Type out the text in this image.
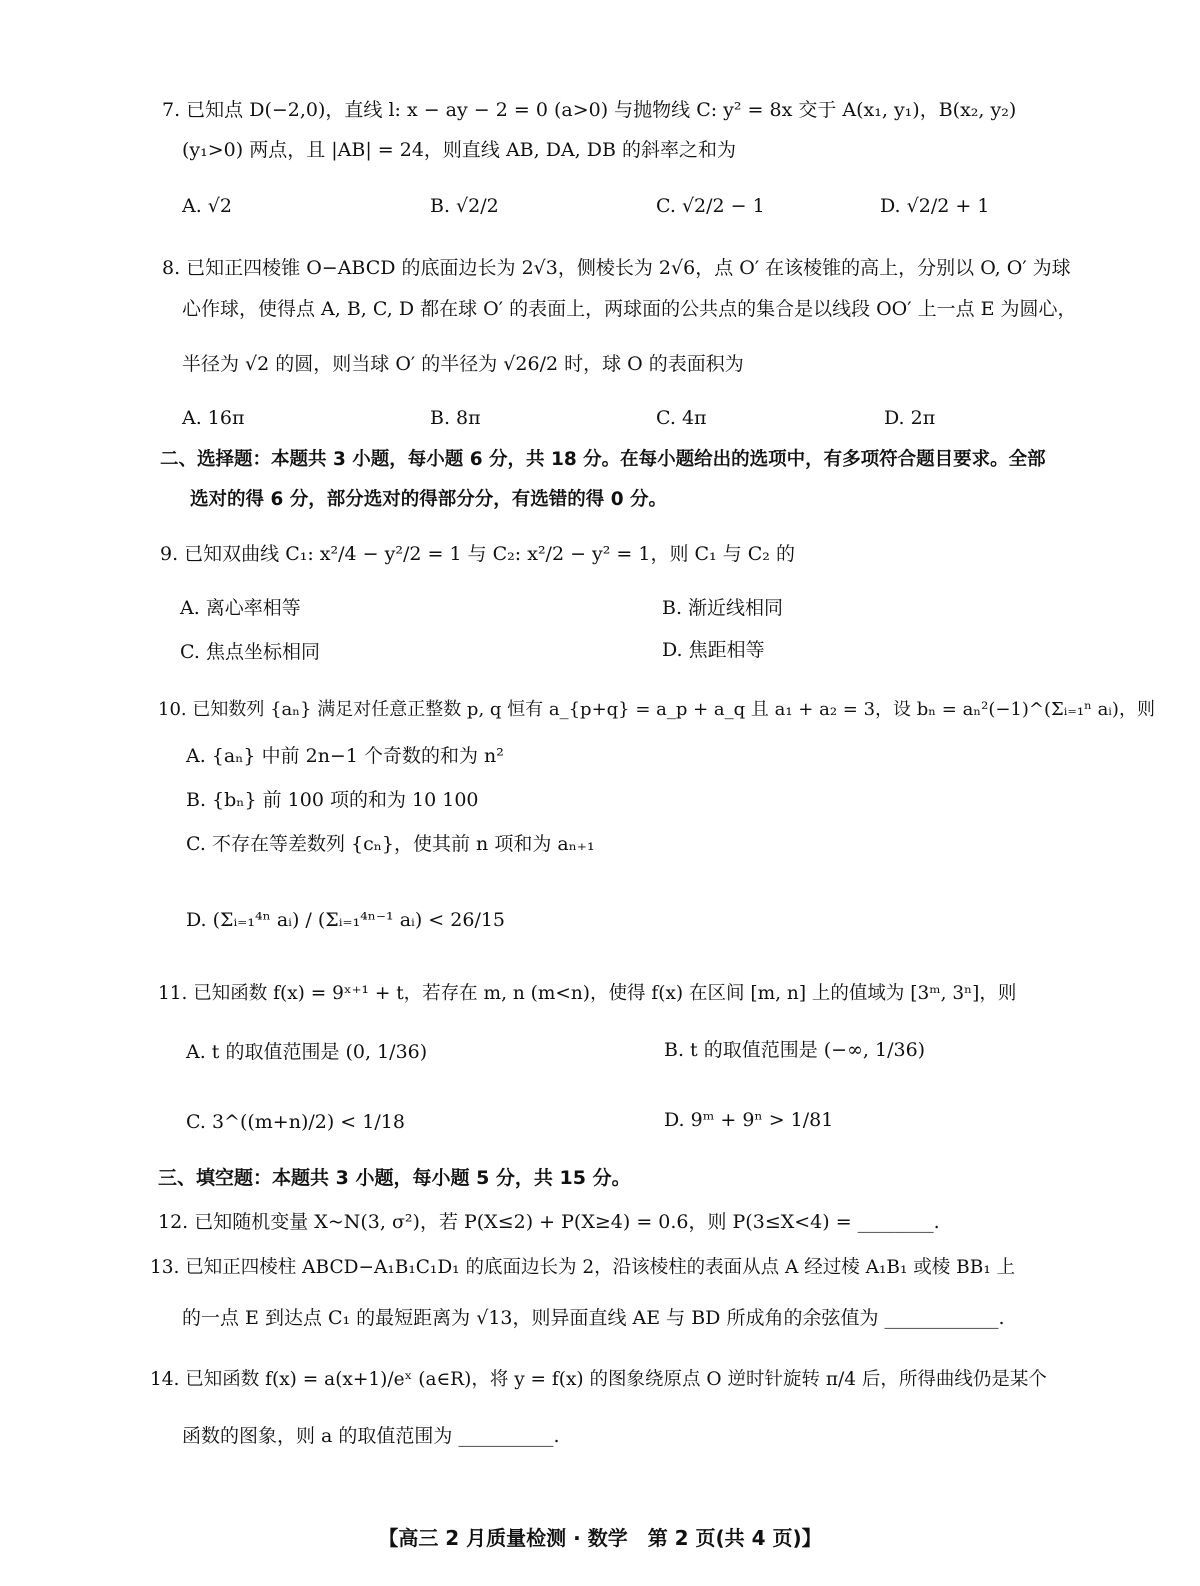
7. 已知点 D(−2,0)，直线 l: x − ay − 2 = 0 (a>0) 与抛物线 C: y² = 8x 交于 A(x₁, y₁)，B(x₂, y₂)
(y₁>0) 两点，且 |AB| = 24，则直线 AB, DA, DB 的斜率之和为
A. √2	B. √2/2	C. √2/2 − 1	D. √2/2 + 1
8. 已知正四棱锥 O−ABCD 的底面边长为 2√3，侧棱长为 2√6，点 O′ 在该棱锥的高上，分别以 O, O′ 为球
心作球，使得点 A, B, C, D 都在球 O′ 的表面上，两球面的公共点的集合是以线段 OO′ 上一点 E 为圆心，
半径为 √2 的圆，则当球 O′ 的半径为 √26/2 时，球 O 的表面积为
A. 16π	B. 8π	C. 4π	D. 2π
二、选择题：本题共 3 小题，每小题 6 分，共 18 分。在每小题给出的选项中，有多项符合题目要求。全部
选对的得 6 分，部分选对的得部分分，有选错的得 0 分。
9. 已知双曲线 C₁: x²/4 − y²/2 = 1 与 C₂: x²/2 − y² = 1，则 C₁ 与 C₂ 的
A. 离心率相等	B. 渐近线相同
C. 焦点坐标相同	D. 焦距相等
10. 已知数列 {aₙ} 满足对任意正整数 p, q 恒有 a_{p+q} = a_p + a_q 且 a₁ + a₂ = 3，设 bₙ = aₙ²(−1)^(Σᵢ₌₁ⁿ aᵢ)，则
A. {aₙ} 中前 2n−1 个奇数的和为 n²
B. {bₙ} 前 100 项的和为 10 100
C. 不存在等差数列 {cₙ}，使其前 n 项和为 aₙ₊₁
D. (Σᵢ₌₁⁴ⁿ aᵢ) / (Σᵢ₌₁⁴ⁿ⁻¹ aᵢ) < 26/15
11. 已知函数 f(x) = 9ˣ⁺¹ + t，若存在 m, n (m<n)，使得 f(x) 在区间 [m, n] 上的值域为 [3ᵐ, 3ⁿ]，则
A. t 的取值范围是 (0, 1/36)	B. t 的取值范围是 (−∞, 1/36)
C. 3^((m+n)/2) < 1/18	D. 9ᵐ + 9ⁿ > 1/81
三、填空题：本题共 3 小题，每小题 5 分，共 15 分。
12. 已知随机变量 X~N(3, σ²)，若 P(X≤2) + P(X≥4) = 0.6，则 P(3≤X<4) = ________.
13. 已知正四棱柱 ABCD−A₁B₁C₁D₁ 的底面边长为 2，沿该棱柱的表面从点 A 经过棱 A₁B₁ 或棱 BB₁ 上
的一点 E 到达点 C₁ 的最短距离为 √13，则异面直线 AE 与 BD 所成角的余弦值为 ____________.
14. 已知函数 f(x) = a(x+1)/eˣ (a∈R)，将 y = f(x) 的图象绕原点 O 逆时针旋转 π/4 后，所得曲线仍是某个
函数的图象，则 a 的取值范围为 __________.
【高三 2 月质量检测 · 数学　第 2 页(共 4 页)】
